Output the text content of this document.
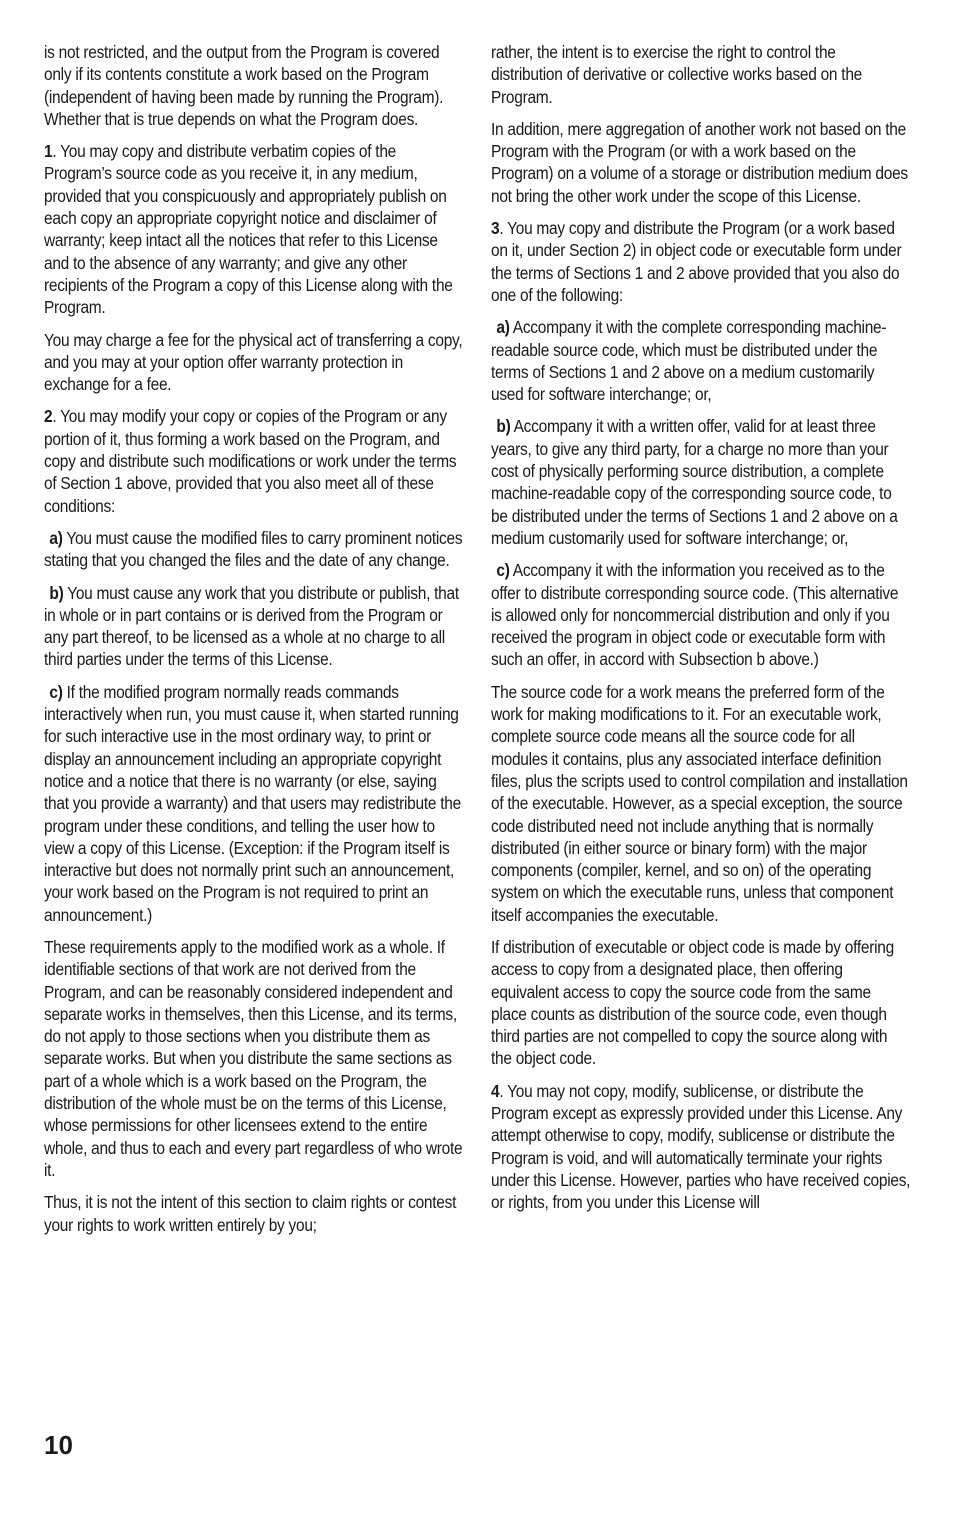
is not restricted, and the output from the Program is covered only if its contents constitute a work based on the Program (independent of having been made by running the Program). Whether that is true depends on what the Program does.

1. You may copy and distribute verbatim copies of the Program’s source code as you receive it, in any medium, provided that you conspicuously and appropriately publish on each copy an appropriate copyright notice and disclaimer of warranty; keep intact all the notices that refer to this License and to the absence of any warranty; and give any other recipients of the Program a copy of this License along with the Program.

You may charge a fee for the physical act of transferring a copy, and you may at your option offer warranty protection in exchange for a fee.

2. You may modify your copy or copies of the Program or any portion of it, thus forming a work based on the Program, and copy and distribute such modifications or work under the terms of Section 1 above, provided that you also meet all of these conditions:

a) You must cause the modified files to carry prominent notices stating that you changed the files and the date of any change.

b) You must cause any work that you distribute or publish, that in whole or in part contains or is derived from the Program or any part thereof, to be licensed as a whole at no charge to all third parties under the terms of this License.

c) If the modified program normally reads commands interactively when run, you must cause it, when started running for such interactive use in the most ordinary way, to print or display an announcement including an appropriate copyright notice and a notice that there is no warranty (or else, saying that you provide a warranty) and that users may redistribute the program under these conditions, and telling the user how to view a copy of this License. (Exception: if the Program itself is interactive but does not normally print such an announcement, your work based on the Program is not required to print an announcement.)

These requirements apply to the modified work as a whole. If identifiable sections of that work are not derived from the Program, and can be reasonably considered independent and separate works in themselves, then this License, and its terms, do not apply to those sections when you distribute them as separate works. But when you distribute the same sections as part of a whole which is a work based on the Program, the distribution of the whole must be on the terms of this License, whose permissions for other licensees extend to the entire whole, and thus to each and every part regardless of who wrote it.

Thus, it is not the intent of this section to claim rights or contest your rights to work written entirely by you;

rather, the intent is to exercise the right to control the distribution of derivative or collective works based on the Program.

In addition, mere aggregation of another work not based on the Program with the Program (or with a work based on the Program) on a volume of a storage or distribution medium does not bring the other work under the scope of this License.

3. You may copy and distribute the Program (or a work based on it, under Section 2) in object code or executable form under the terms of Sections 1 and 2 above provided that you also do one of the following:

a) Accompany it with the complete corresponding machine-readable source code, which must be distributed under the terms of Sections 1 and 2 above on a medium customarily used for software interchange; or,

b) Accompany it with a written offer, valid for at least three years, to give any third party, for a charge no more than your cost of physically performing source distribution, a complete machine-readable copy of the corresponding source code, to be distributed under the terms of Sections 1 and 2 above on a medium customarily used for software interchange; or,

c) Accompany it with the information you received as to the offer to distribute corresponding source code. (This alternative is allowed only for noncommercial distribution and only if you received the program in object code or executable form with such an offer, in accord with Subsection b above.)

The source code for a work means the preferred form of the work for making modifications to it. For an executable work, complete source code means all the source code for all modules it contains, plus any associated interface definition files, plus the scripts used to control compilation and installation of the executable. However, as a special exception, the source code distributed need not include anything that is normally distributed (in either source or binary form) with the major components (compiler, kernel, and so on) of the operating system on which the executable runs, unless that component itself accompanies the executable.

If distribution of executable or object code is made by offering access to copy from a designated place, then offering equivalent access to copy the source code from the same place counts as distribution of the source code, even though third parties are not compelled to copy the source along with the object code.

4. You may not copy, modify, sublicense, or distribute the Program except as expressly provided under this License. Any attempt otherwise to copy, modify, sublicense or distribute the Program is void, and will automatically terminate your rights under this License. However, parties who have received copies, or rights, from you under this License will

10
